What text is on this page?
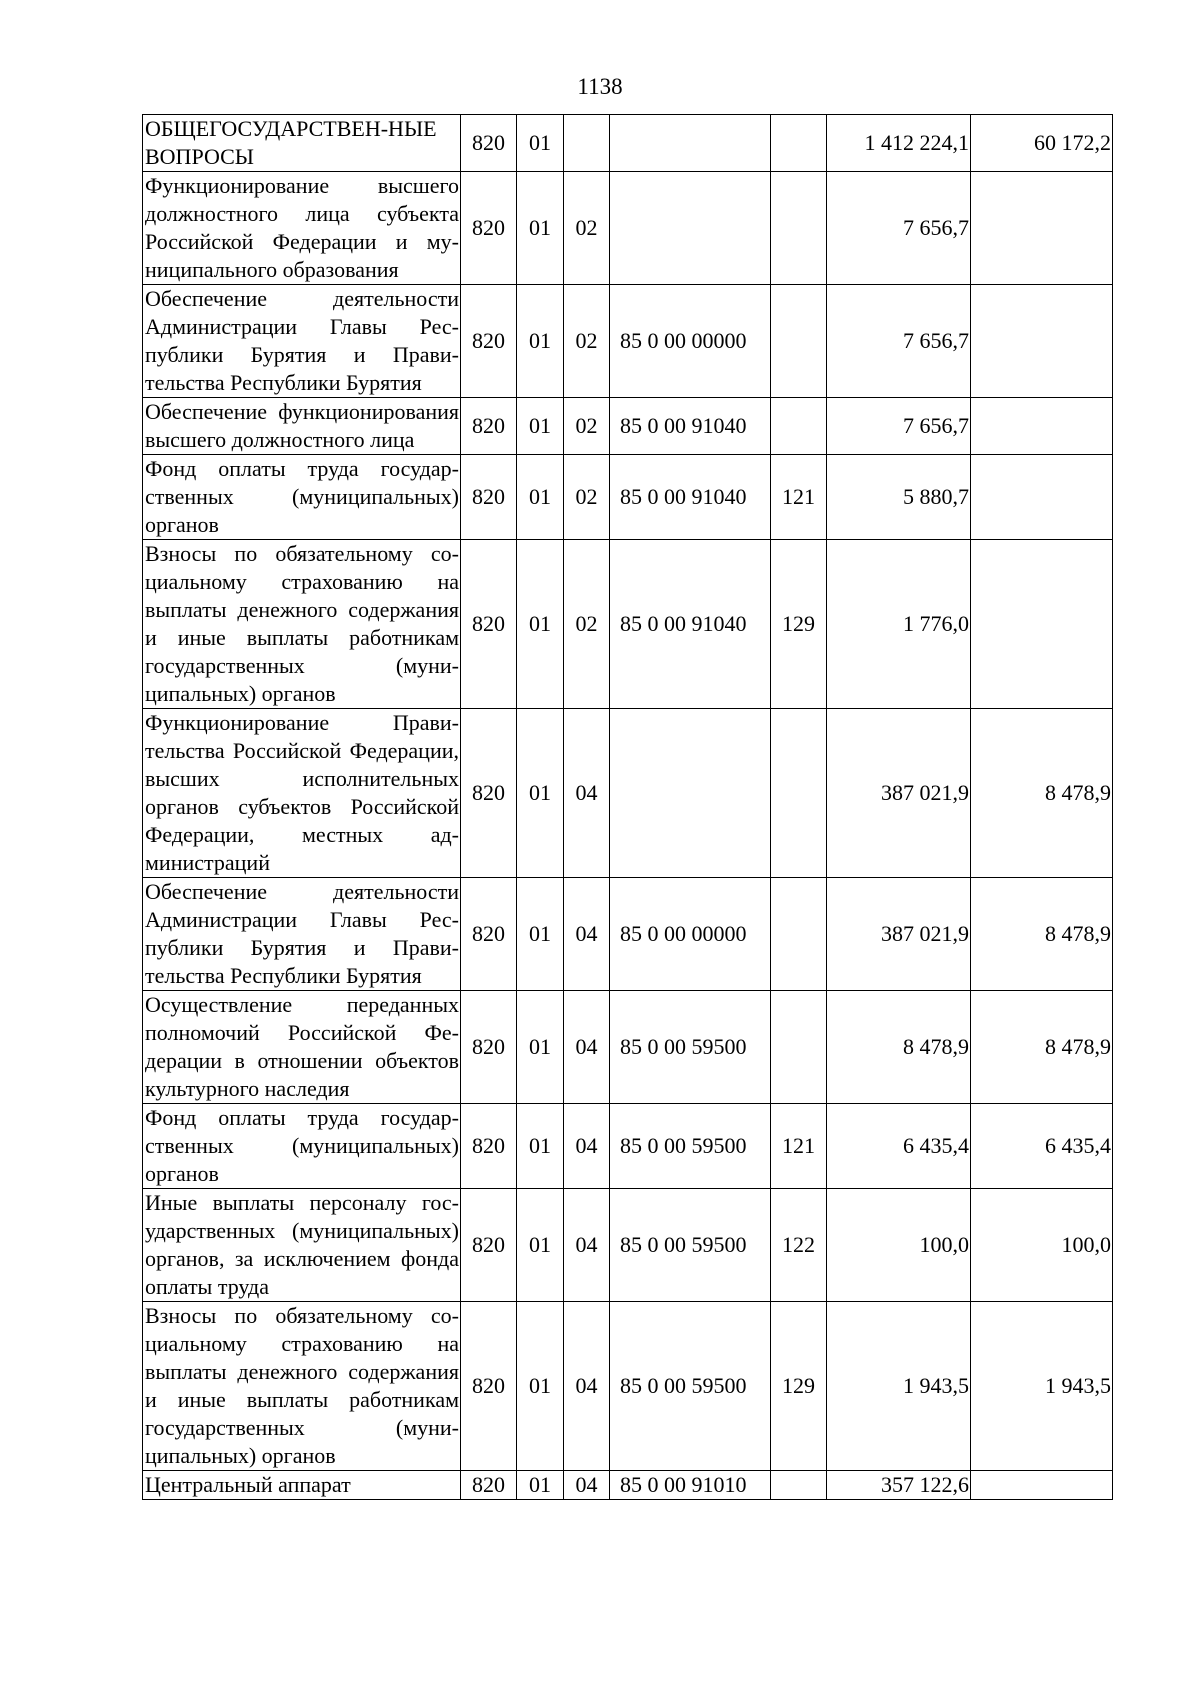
1138
ОБЩЕГОСУДАРСТВЕН-НЫЕ ВОПРОСЫ	820	01				1 412 224,1	60 172,2
Функционирование высшего должностного лица субъекта Российской Федерации и муниципального образования	820	01	02			7 656,7	
Обеспечение деятельности Администрации Главы Республики Бурятия и Правительства Республики Бурятия	820	01	02	85 0 00 00000		7 656,7	
Обеспечение функционирования высшего должностного лица	820	01	02	85 0 00 91040		7 656,7	
Фонд оплаты труда государственных (муниципальных) органов	820	01	02	85 0 00 91040	121	5 880,7	
Взносы по обязательному социальному страхованию на выплаты денежного содержания и иные выплаты работникам государственных (муниципальных) органов	820	01	02	85 0 00 91040	129	1 776,0	
Функционирование Правительства Российской Федерации, высших исполнительных органов субъектов Российской Федерации, местных администраций	820	01	04			387 021,9	8 478,9
Обеспечение деятельности Администрации Главы Республики Бурятия и Правительства Республики Бурятия	820	01	04	85 0 00 00000		387 021,9	8 478,9
Осуществление переданных полномочий Российской Федерации в отношении объектов культурного наследия	820	01	04	85 0 00 59500		8 478,9	8 478,9
Фонд оплаты труда государственных (муниципальных) органов	820	01	04	85 0 00 59500	121	6 435,4	6 435,4
Иные выплаты персоналу государственных (муниципальных) органов, за исключением фонда оплаты труда	820	01	04	85 0 00 59500	122	100,0	100,0
Взносы по обязательному социальному страхованию на выплаты денежного содержания и иные выплаты работникам государственных (муниципальных) органов	820	01	04	85 0 00 59500	129	1 943,5	1 943,5
Центральный аппарат	820	01	04	85 0 00 91010		357 122,6	
